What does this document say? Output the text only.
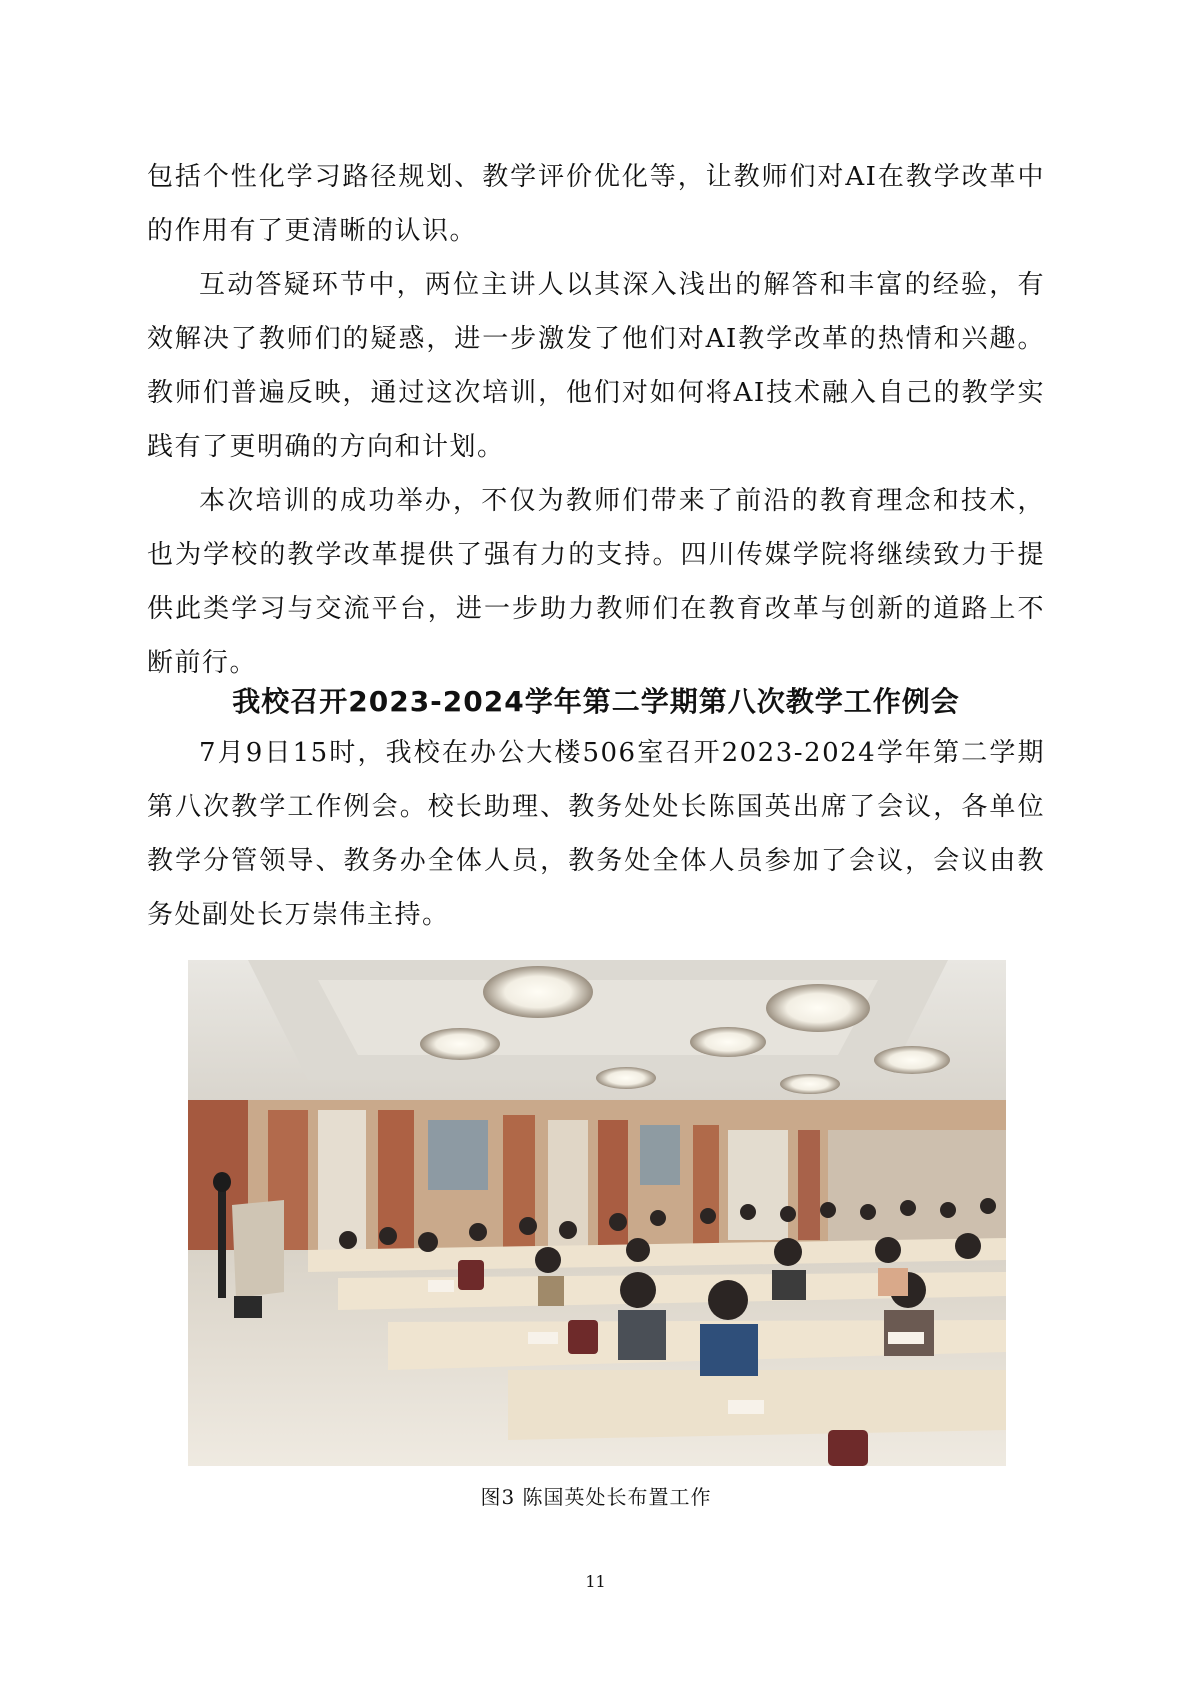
包括个性化学习路径规划、教学评价优化等，让教师们对AI在教学改革中的作用有了更清晰的认识。

互动答疑环节中，两位主讲人以其深入浅出的解答和丰富的经验，有效解决了教师们的疑惑，进一步激发了他们对AI教学改革的热情和兴趣。教师们普遍反映，通过这次培训，他们对如何将AI技术融入自己的教学实践有了更明确的方向和计划。

本次培训的成功举办，不仅为教师们带来了前沿的教育理念和技术，也为学校的教学改革提供了强有力的支持。四川传媒学院将继续致力于提供此类学习与交流平台，进一步助力教师们在教育改革与创新的道路上不断前行。

我校召开2023-2024学年第二学期第八次教学工作例会

7月9日15时，我校在办公大楼506室召开2023-2024学年第二学期第八次教学工作例会。校长助理、教务处处长陈国英出席了会议，各单位教学分管领导、教务办全体人员，教务处全体人员参加了会议，会议由教务处副处长万崇伟主持。

图3 陈国英处长布置工作

11
